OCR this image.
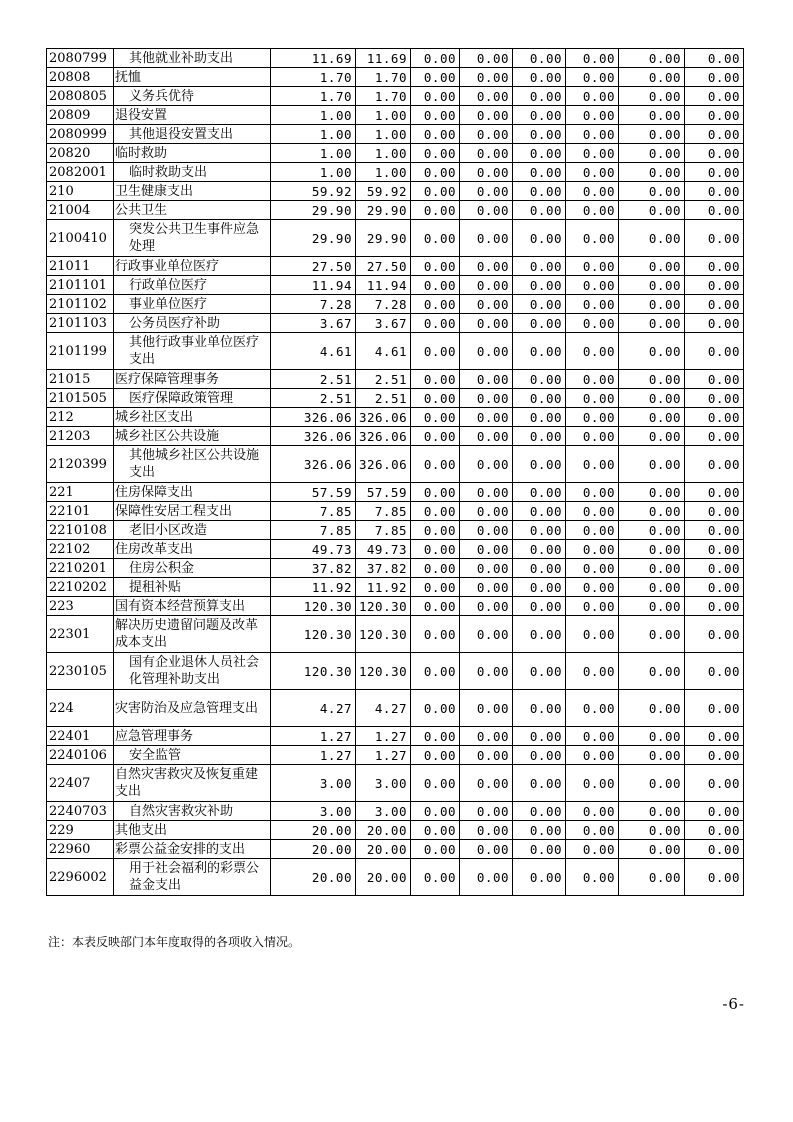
2080799	其他就业补助支出	11.69	11.69	0.00	0.00	0.00	0.00	0.00	0.00
20808	抚恤	1.70	1.70	0.00	0.00	0.00	0.00	0.00	0.00
2080805	义务兵优待	1.70	1.70	0.00	0.00	0.00	0.00	0.00	0.00
20809	退役安置	1.00	1.00	0.00	0.00	0.00	0.00	0.00	0.00
2080999	其他退役安置支出	1.00	1.00	0.00	0.00	0.00	0.00	0.00	0.00
20820	临时救助	1.00	1.00	0.00	0.00	0.00	0.00	0.00	0.00
2082001	临时救助支出	1.00	1.00	0.00	0.00	0.00	0.00	0.00	0.00
210	卫生健康支出	59.92	59.92	0.00	0.00	0.00	0.00	0.00	0.00
21004	公共卫生	29.90	29.90	0.00	0.00	0.00	0.00	0.00	0.00
2100410	突发公共卫生事件应急处理	29.90	29.90	0.00	0.00	0.00	0.00	0.00	0.00
21011	行政事业单位医疗	27.50	27.50	0.00	0.00	0.00	0.00	0.00	0.00
2101101	行政单位医疗	11.94	11.94	0.00	0.00	0.00	0.00	0.00	0.00
2101102	事业单位医疗	7.28	7.28	0.00	0.00	0.00	0.00	0.00	0.00
2101103	公务员医疗补助	3.67	3.67	0.00	0.00	0.00	0.00	0.00	0.00
2101199	其他行政事业单位医疗支出	4.61	4.61	0.00	0.00	0.00	0.00	0.00	0.00
21015	医疗保障管理事务	2.51	2.51	0.00	0.00	0.00	0.00	0.00	0.00
2101505	医疗保障政策管理	2.51	2.51	0.00	0.00	0.00	0.00	0.00	0.00
212	城乡社区支出	326.06	326.06	0.00	0.00	0.00	0.00	0.00	0.00
21203	城乡社区公共设施	326.06	326.06	0.00	0.00	0.00	0.00	0.00	0.00
2120399	其他城乡社区公共设施支出	326.06	326.06	0.00	0.00	0.00	0.00	0.00	0.00
221	住房保障支出	57.59	57.59	0.00	0.00	0.00	0.00	0.00	0.00
22101	保障性安居工程支出	7.85	7.85	0.00	0.00	0.00	0.00	0.00	0.00
2210108	老旧小区改造	7.85	7.85	0.00	0.00	0.00	0.00	0.00	0.00
22102	住房改革支出	49.73	49.73	0.00	0.00	0.00	0.00	0.00	0.00
2210201	住房公积金	37.82	37.82	0.00	0.00	0.00	0.00	0.00	0.00
2210202	提租补贴	11.92	11.92	0.00	0.00	0.00	0.00	0.00	0.00
223	国有资本经营预算支出	120.30	120.30	0.00	0.00	0.00	0.00	0.00	0.00
22301	解决历史遗留问题及改革成本支出	120.30	120.30	0.00	0.00	0.00	0.00	0.00	0.00
2230105	国有企业退休人员社会化管理补助支出	120.30	120.30	0.00	0.00	0.00	0.00	0.00	0.00
224	灾害防治及应急管理支出	4.27	4.27	0.00	0.00	0.00	0.00	0.00	0.00
22401	应急管理事务	1.27	1.27	0.00	0.00	0.00	0.00	0.00	0.00
2240106	安全监管	1.27	1.27	0.00	0.00	0.00	0.00	0.00	0.00
22407	自然灾害救灾及恢复重建支出	3.00	3.00	0.00	0.00	0.00	0.00	0.00	0.00
2240703	自然灾害救灾补助	3.00	3.00	0.00	0.00	0.00	0.00	0.00	0.00
229	其他支出	20.00	20.00	0.00	0.00	0.00	0.00	0.00	0.00
22960	彩票公益金安排的支出	20.00	20.00	0.00	0.00	0.00	0.00	0.00	0.00
2296002	用于社会福利的彩票公益金支出	20.00	20.00	0.00	0.00	0.00	0.00	0.00	0.00
注：本表反映部门本年度取得的各项收入情况。
-6-
